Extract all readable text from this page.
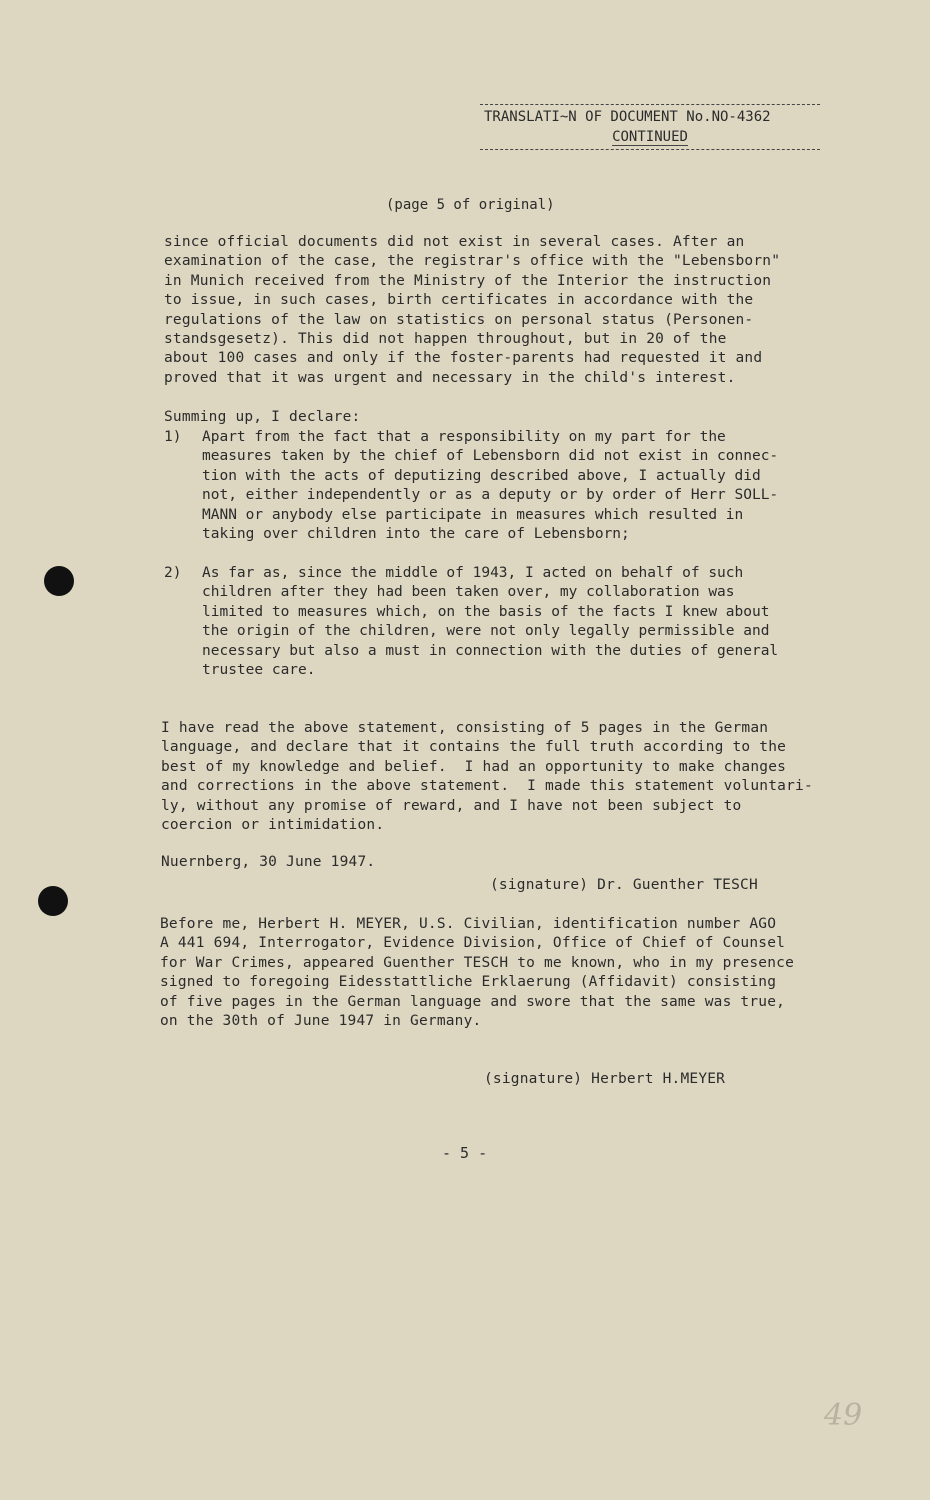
TRANSLATI~N OF DOCUMENT No.NO-4362
CONTINUED
(page 5 of original)
since official documents did not exist in several cases. After an
examination of the case, the registrar's office with the "Lebensborn"
in Munich received from the Ministry of the Interior the instruction
to issue, in such cases, birth certificates in accordance with the
regulations of the law on statistics on personal status (Personen-
standsgesetz). This did not happen throughout, but in 20 of the
about 100 cases and only if the foster-parents had requested it and
proved that it was urgent and necessary in the child's interest.
Summing up, I declare:
1) Apart from the fact that a responsibility on my part for the
measures taken by the chief of Lebensborn did not exist in connec-
tion with the acts of deputizing described above, I actually did
not, either independently or as a deputy or by order of Herr SOLL-
MANN or anybody else participate in measures which resulted in
taking over children into the care of Lebensborn;
2) As far as, since the middle of 1943, I acted on behalf of such
children after they had been taken over, my collaboration was
limited to measures which, on the basis of the facts I knew about
the origin of the children, were not only legally permissible and
necessary but also a must in connection with the duties of general
trustee care.
I have read the above statement, consisting of 5 pages in the German
language, and declare that it contains the full truth according to the
best of my knowledge and belief.  I had an opportunity to make changes
and corrections in the above statement.  I made this statement voluntari-
ly, without any promise of reward, and I have not been subject to
coercion or intimidation.
Nuernberg, 30 June 1947.
(signature) Dr. Guenther TESCH
Before me, Herbert H. MEYER, U.S. Civilian, identification number AGO
A 441 694, Interrogator, Evidence Division, Office of Chief of Counsel
for War Crimes, appeared Guenther TESCH to me known, who in my presence
signed to foregoing Eidesstattliche Erklaerung (Affidavit) consisting
of five pages in the German language and swore that the same was true,
on the 30th of June 1947 in Germany.
(signature) Herbert H.MEYER
- 5 -
49
